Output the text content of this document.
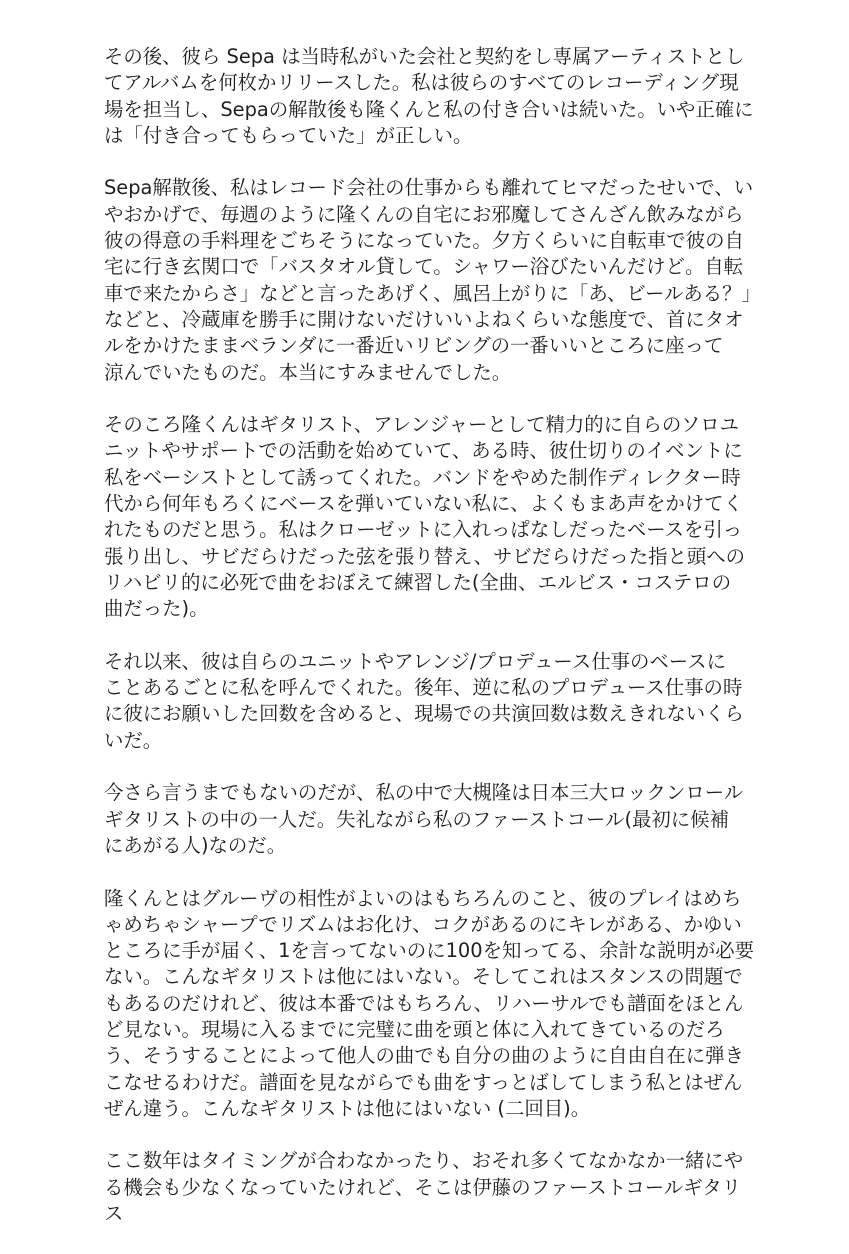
その後、彼ら Sepa は当時私がいた会社と契約をし専属アーティストとし
てアルバムを何枚かリリースした。私は彼らのすべてのレコーディング現
場を担当し、Sepaの解散後も隆くんと私の付き合いは続いた。いや正確に
は「付き合ってもらっていた」が正しい。
Sepa解散後、私はレコード会社の仕事からも離れてヒマだったせいで、い
やおかげで、毎週のように隆くんの自宅にお邪魔してさんざん飲みながら
彼の得意の手料理をごちそうになっていた。夕方くらいに自転車で彼の自
宅に行き玄関口で「バスタオル貸して。シャワー浴びたいんだけど。自転
車で来たからさ」などと言ったあげく、風呂上がりに「あ、ビールある？」
などと、冷蔵庫を勝手に開けないだけいいよねくらいな態度で、首にタオ
ルをかけたままベランダに一番近いリビングの一番いいところに座って
涼んでいたものだ。本当にすみませんでした。
そのころ隆くんはギタリスト、アレンジャーとして精力的に自らのソロユ
ニットやサポートでの活動を始めていて、ある時、彼仕切りのイベントに
私をベーシストとして誘ってくれた。バンドをやめた制作ディレクター時
代から何年もろくにベースを弾いていない私に、よくもまあ声をかけてく
れたものだと思う。私はクローゼットに入れっぱなしだったベースを引っ
張り出し、サビだらけだった弦を張り替え、サビだらけだった指と頭への
リハビリ的に必死で曲をおぼえて練習した(全曲、エルビス・コステロの
曲だった)。
それ以来、彼は自らのユニットやアレンジ/プロデュース仕事のベースに
ことあるごとに私を呼んでくれた。後年、逆に私のプロデュース仕事の時
に彼にお願いした回数を含めると、現場での共演回数は数えきれないくら
いだ。
今さら言うまでもないのだが、私の中で大槻隆は日本三大ロックンロール
ギタリストの中の一人だ。失礼ながら私のファーストコール(最初に候補
にあがる人)なのだ。
隆くんとはグルーヴの相性がよいのはもちろんのこと、彼のプレイはめち
ゃめちゃシャープでリズムはお化け、コクがあるのにキレがある、かゆい
ところに手が届く、1を言ってないのに100を知ってる、余計な説明が必要
ない。こんなギタリストは他にはいない。そしてこれはスタンスの問題で
もあるのだけれど、彼は本番ではもちろん、リハーサルでも譜面をほとん
ど見ない。現場に入るまでに完璧に曲を頭と体に入れてきているのだろ
う、そうすることによって他人の曲でも自分の曲のように自由自在に弾き
こなせるわけだ。譜面を見ながらでも曲をすっとばしてしまう私とはぜん
ぜん違う。こんなギタリストは他にはいない (二回目)。
ここ数年はタイミングが合わなかったり、おそれ多くてなかなか一緒にや
る機会も少なくなっていたけれど、そこは伊藤のファーストコールギタリ
ス
